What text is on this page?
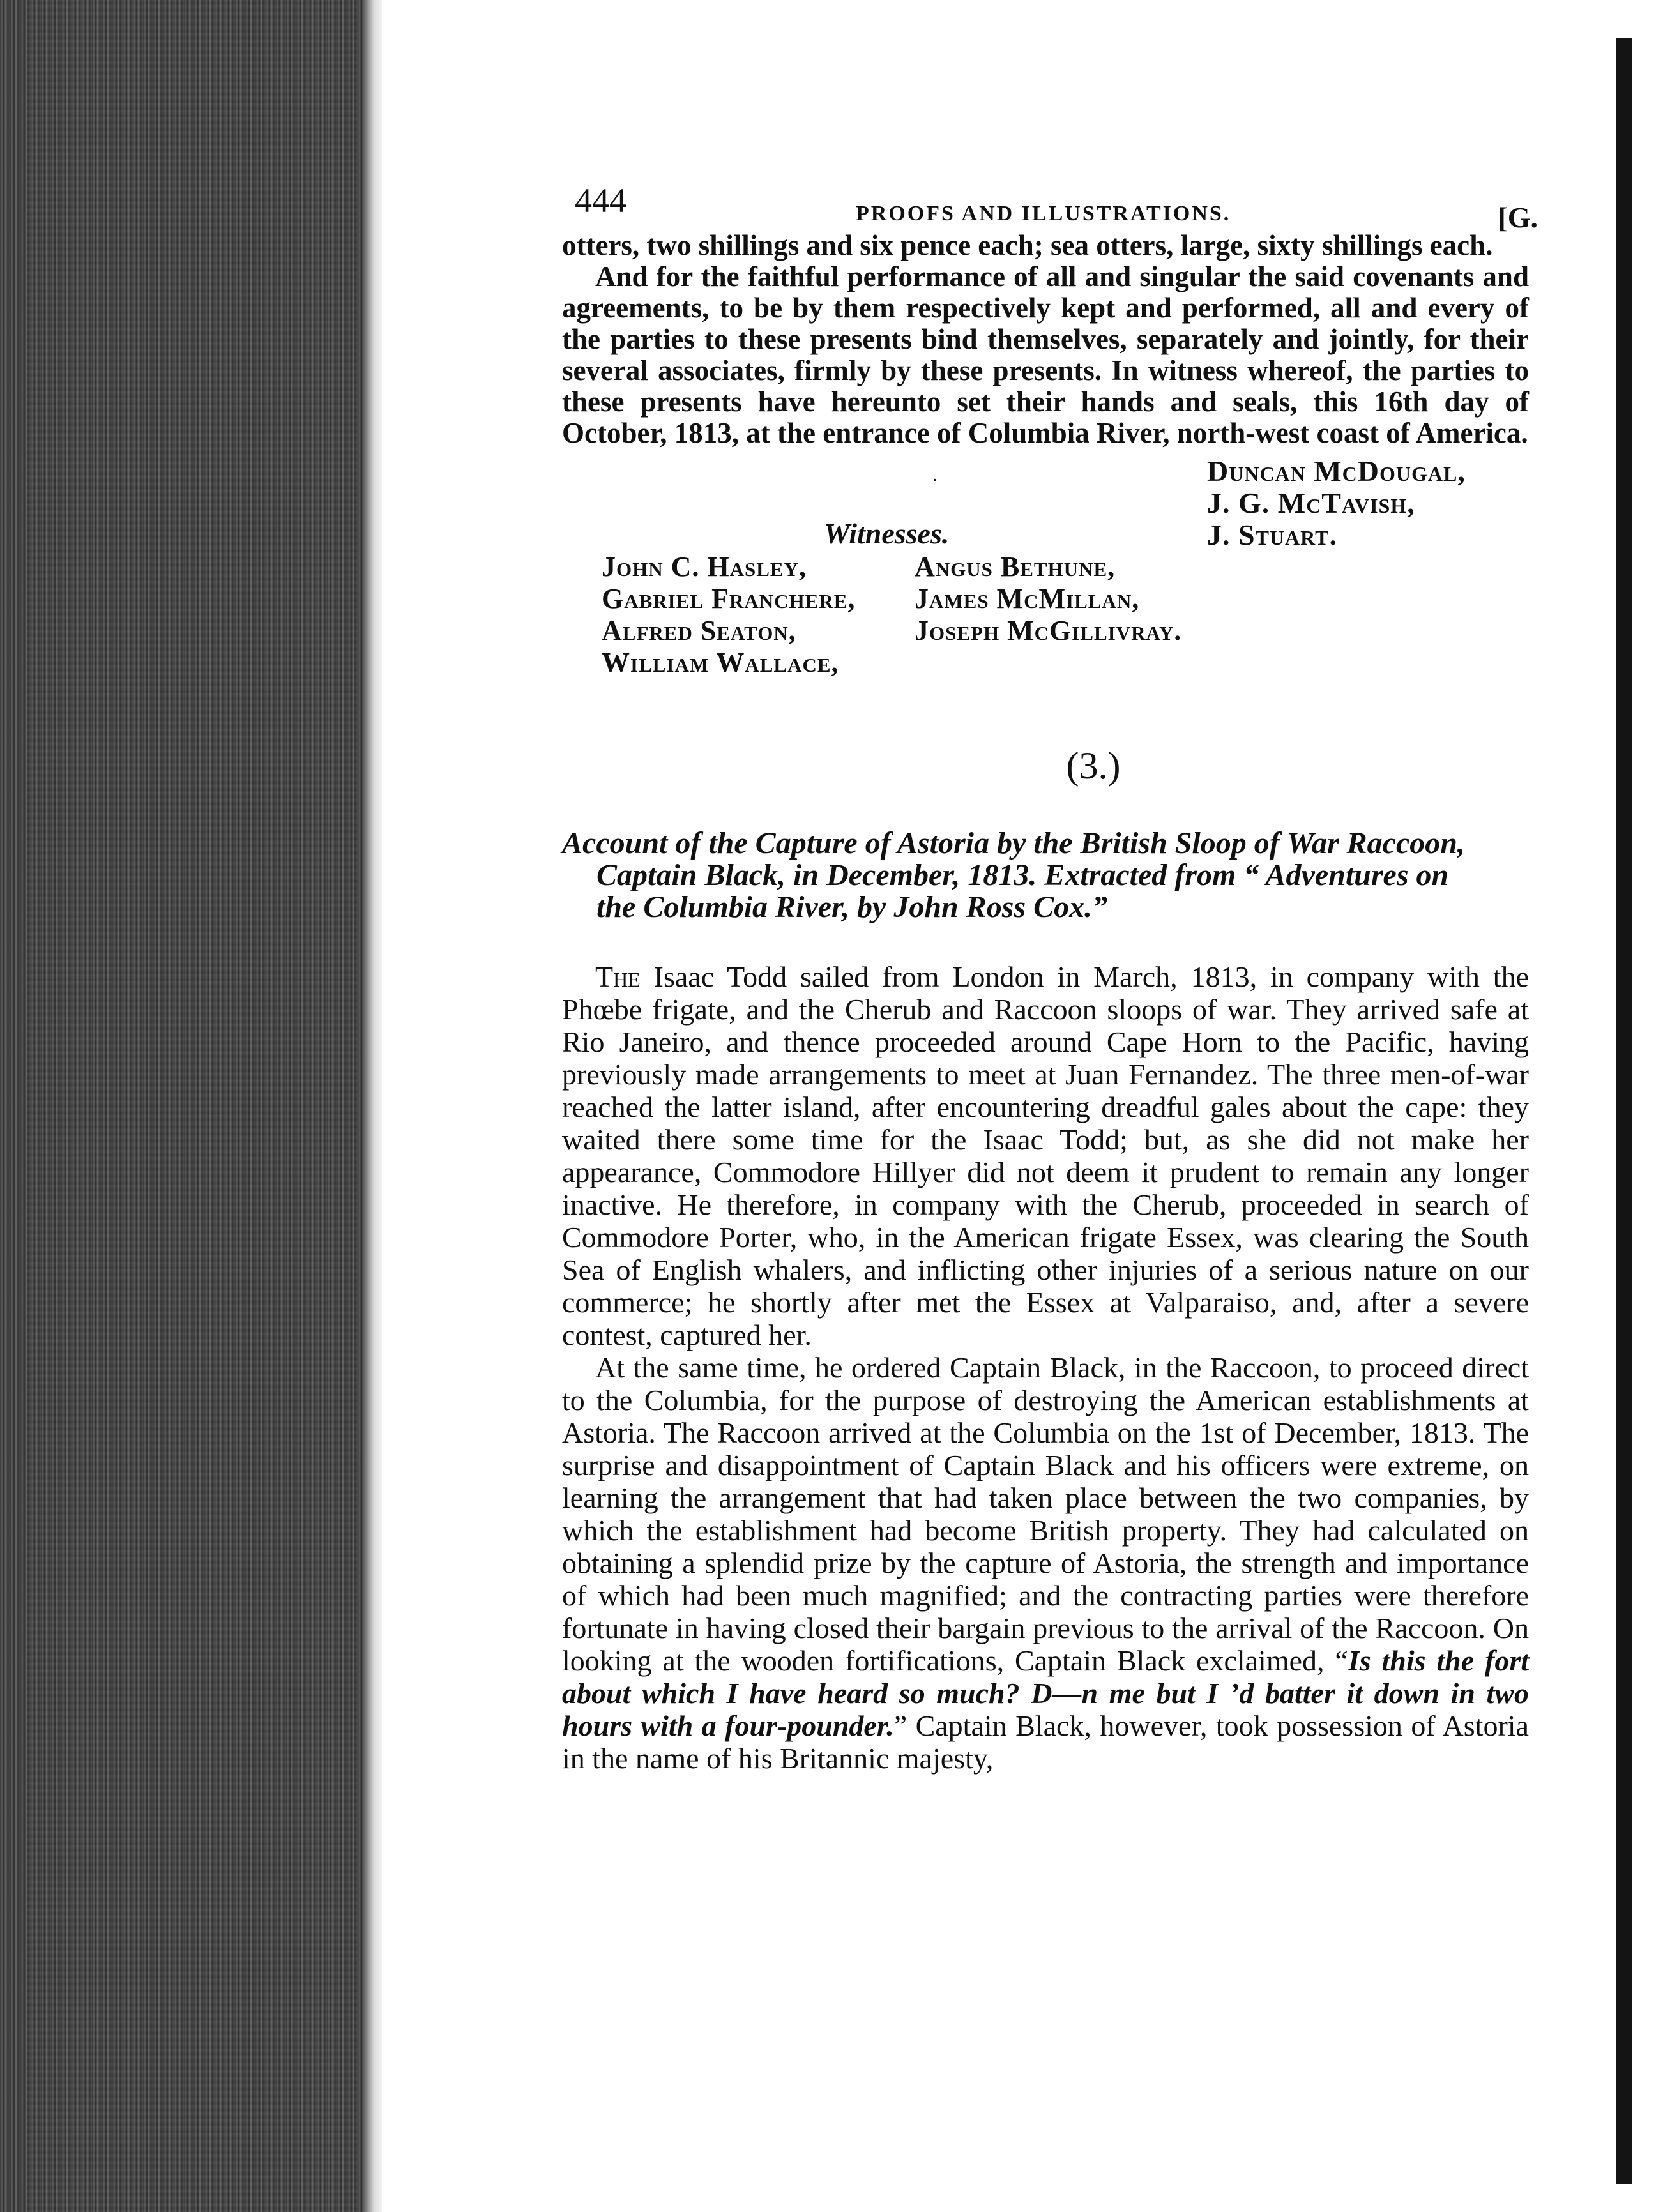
444	PROOFS AND ILLUSTRATIONS.	[G.

otters, two shillings and six pence each; sea otters, large, sixty shillings each.

And for the faithful performance of all and singular the said covenants and agreements, to be by them respectively kept and performed, all and every of the parties to these presents bind themselves, separately and jointly, for their several associates, firmly by these presents. In witness whereof, the parties to these presents have hereunto set their hands and seals, this 16th day of October, 1813, at the entrance of Columbia River, north-west coast of America.

.	Duncan McDougal,
J. G. McTavish,
J. Stuart.
Witnesses.
John C. Hasley,
Gabriel Franchere,
Alfred Seaton,
William Wallace,
Angus Bethune,
James McMillan,
Joseph McGillivray.
(3.)
Account of the Capture of Astoria by the British Sloop of War Raccoon,
Captain Black, in December, 1813. Extracted from “ Adventures on
the Columbia River, by John Ross Cox.”

The Isaac Todd sailed from London in March, 1813, in company with the Phœbe frigate, and the Cherub and Raccoon sloops of war. They arrived safe at Rio Janeiro, and thence proceeded around Cape Horn to the Pacific, having previously made arrangements to meet at Juan Fernandez. The three men-of-war reached the latter island, after encountering dreadful gales about the cape: they waited there some time for the Isaac Todd; but, as she did not make her appearance, Commodore Hillyer did not deem it prudent to remain any longer inactive. He therefore, in company with the Cherub, proceeded in search of Commodore Porter, who, in the American frigate Essex, was clearing the South Sea of English whalers, and inflicting other injuries of a serious nature on our commerce; he shortly after met the Essex at Valparaiso, and, after a severe contest, captured her.

At the same time, he ordered Captain Black, in the Raccoon, to proceed direct to the Columbia, for the purpose of destroying the American establishments at Astoria. The Raccoon arrived at the Columbia on the 1st of December, 1813. The surprise and disappointment of Captain Black and his officers were extreme, on learning the arrangement that had taken place between the two companies, by which the establishment had become British property. They had calculated on obtaining a splendid prize by the capture of Astoria, the strength and importance of which had been much magnified; and the contracting parties were therefore fortunate in having closed their bargain previous to the arrival of the Raccoon. On looking at the wooden fortifications, Captain Black exclaimed, “Is this the fort about which I have heard so much? D—n me but I ’d batter it down in two hours with a four-pounder.” Captain Black, however, took possession of Astoria in the name of his Britannic majesty,
